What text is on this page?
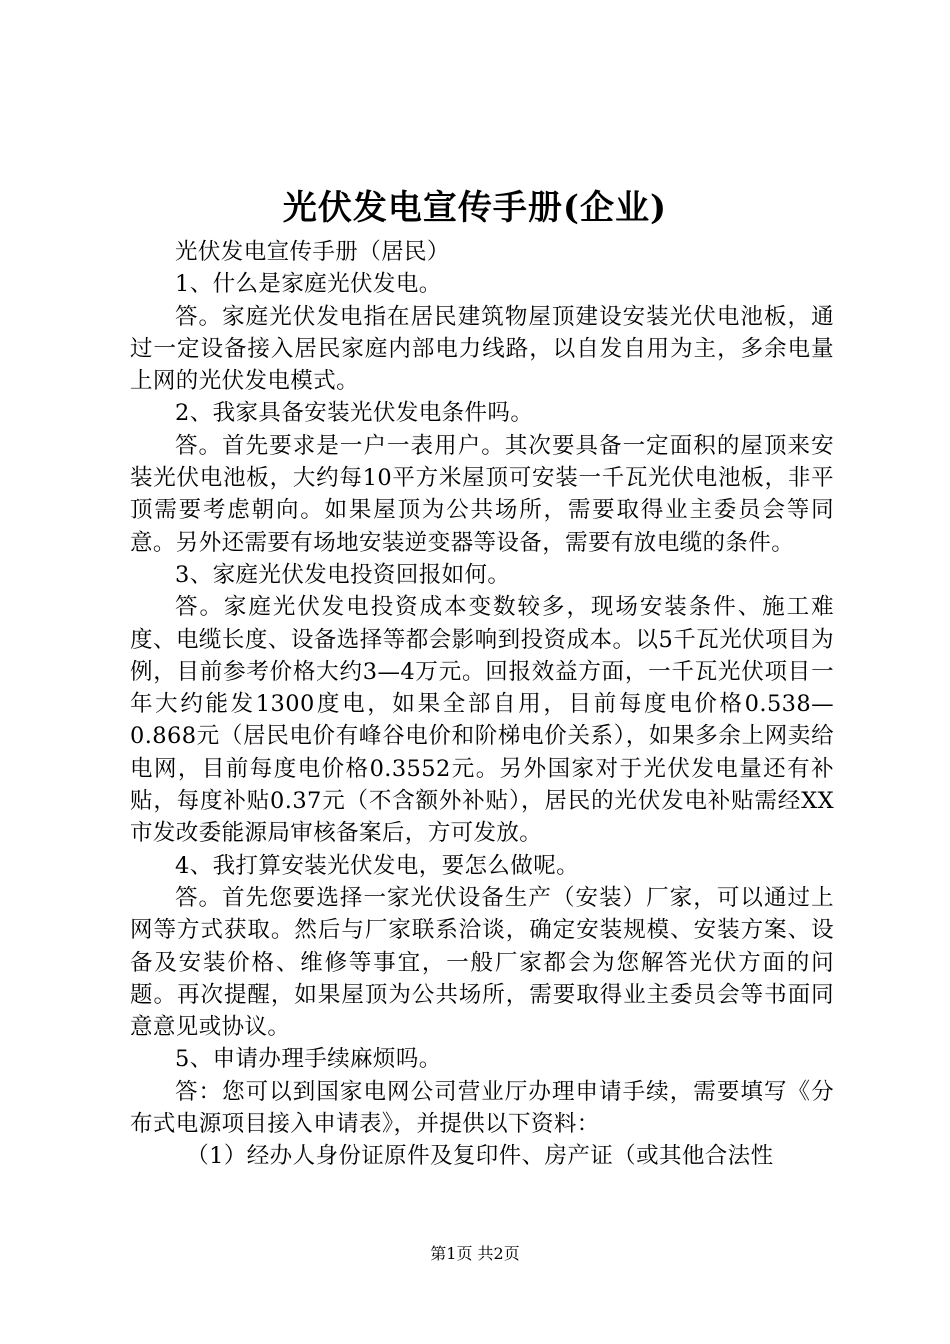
光伏发电宣传手册(企业)

光伏发电宣传手册（居民）

1、什么是家庭光伏发电。

答。家庭光伏发电指在居民建筑物屋顶建设安装光伏电池板，通过一定设备接入居民家庭内部电力线路，以自发自用为主，多余电量上网的光伏发电模式。

2、我家具备安装光伏发电条件吗。

答。首先要求是一户一表用户。其次要具备一定面积的屋顶来安装光伏电池板，大约每10平方米屋顶可安装一千瓦光伏电池板，非平顶需要考虑朝向。如果屋顶为公共场所，需要取得业主委员会等同意。另外还需要有场地安装逆变器等设备，需要有放电缆的条件。

3、家庭光伏发电投资回报如何。

答。家庭光伏发电投资成本变数较多，现场安装条件、施工难度、电缆长度、设备选择等都会影响到投资成本。以5千瓦光伏项目为例，目前参考价格大约3—4万元。回报效益方面，一千瓦光伏项目一年大约能发1300度电，如果全部自用，目前每度电价格0.538—0.868元（居民电价有峰谷电价和阶梯电价关系），如果多余上网卖给电网，目前每度电价格0.3552元。另外国家对于光伏发电量还有补贴，每度补贴0.37元（不含额外补贴），居民的光伏发电补贴需经XX市发改委能源局审核备案后，方可发放。

4、我打算安装光伏发电，要怎么做呢。

答。首先您要选择一家光伏设备生产（安装）厂家，可以通过上网等方式获取。然后与厂家联系洽谈，确定安装规模、安装方案、设备及安装价格、维修等事宜，一般厂家都会为您解答光伏方面的问题。再次提醒，如果屋顶为公共场所，需要取得业主委员会等书面同意意见或协议。

5、申请办理手续麻烦吗。

答：您可以到国家电网公司营业厅办理申请手续，需要填写《分布式电源项目接入申请表》，并提供以下资料：

（1）经办人身份证原件及复印件、房产证（或其他合法性

第1页 共2页
